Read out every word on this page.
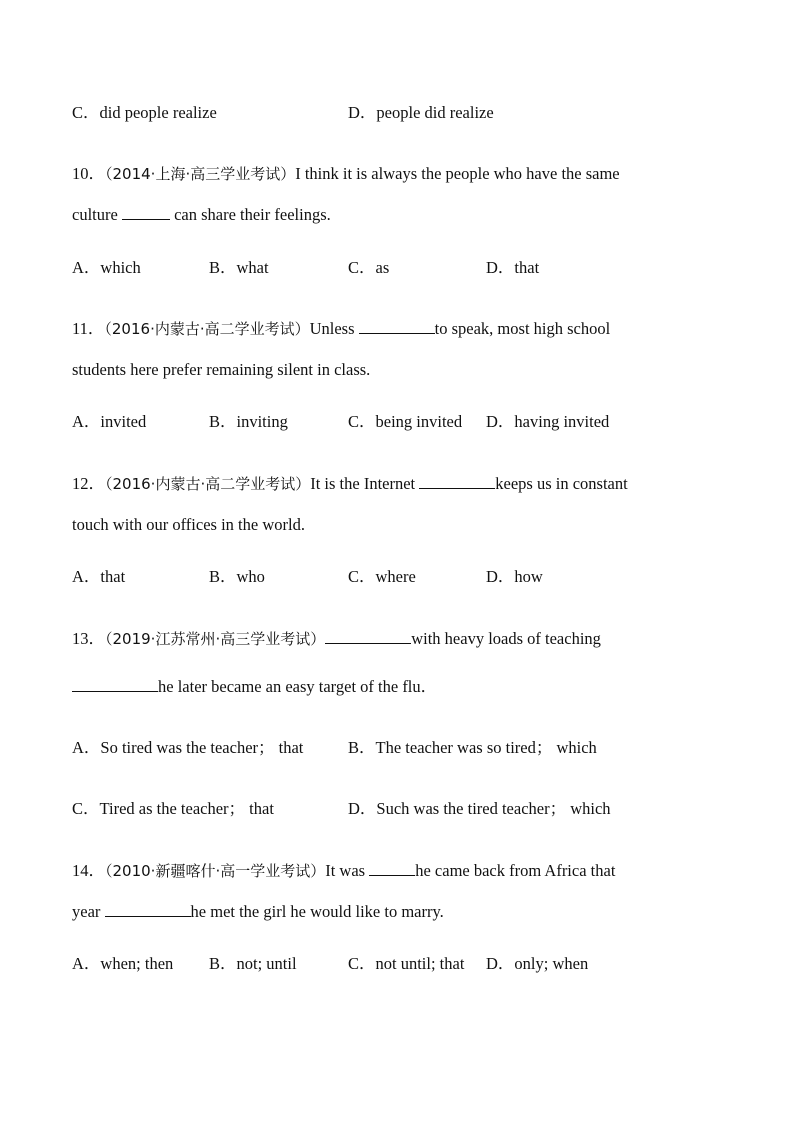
C．did people realize	D．people did realize
10．（2014·上海·高三学业考试）I think it is always the people who have the same
culture	can share their feelings.
A．which	B．what	C．as	D．that
11．（2016·内蒙古·高二学业考试）Unless	to speak, most high school
students here prefer remaining silent in class.
A．invited	B．inviting	C．being invited D．having invited
12．（2016·内蒙古·高二学业考试）It is the Internet	keeps us in constant
touch with our offices in the world.
A．that	B．who	C．where	D．how
13．（2019·江苏常州·高三学业考试）	with heavy loads of teaching
he later became an easy target of the flu．
A．So tired was the teacher； that	B．The teacher was so tired； which
C．Tired as the teacher； that	D．Such was the tired teacher； which
14．（2010·新疆喀什·高一学业考试）It was	he came back from Africa that
year	he met the girl he would like to marry.
A．when; then B．not; until	C．not until; that D．only; when
